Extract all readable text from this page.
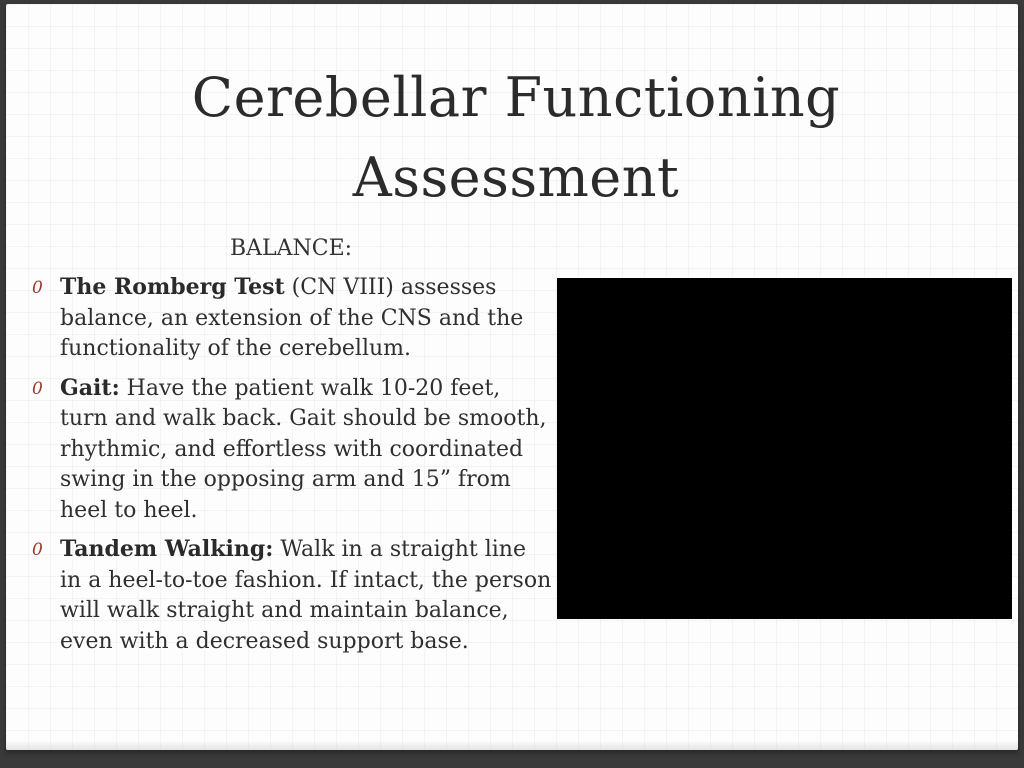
Cerebellar Functioning Assessment
BALANCE:
0 The Romberg Test (CN VIII) assesses balance, an extension of the CNS and the functionality of the cerebellum.
0 Gait: Have the patient walk 10-20 feet, turn and walk back. Gait should be smooth, rhythmic, and effortless with coordinated swing in the opposing arm and 15” from heel to heel.
0 Tandem Walking: Walk in a straight line in a heel-to-toe fashion. If intact, the person will walk straight and maintain balance, even with a decreased support base.
